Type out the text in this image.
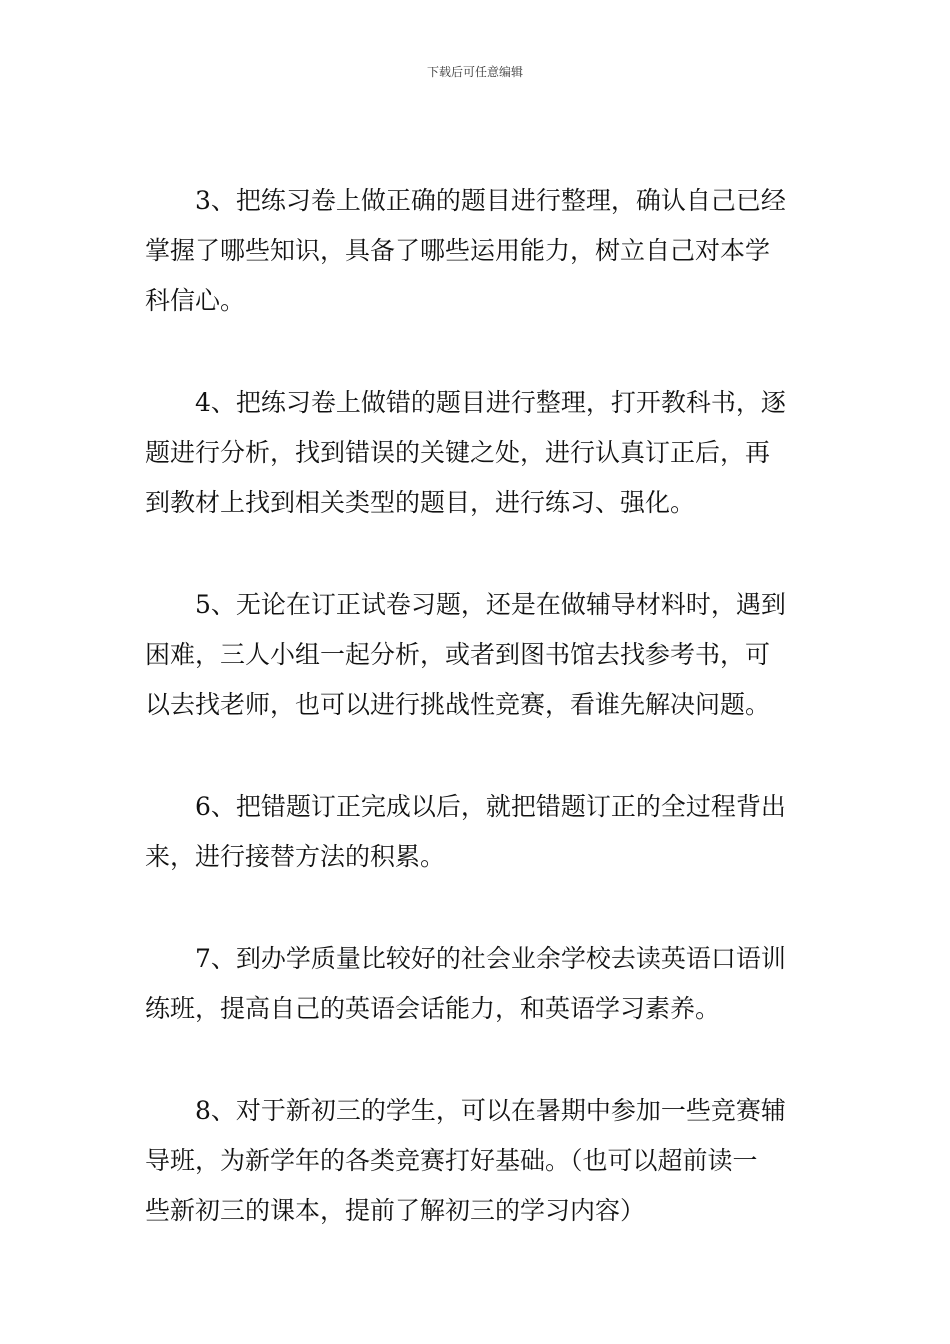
下载后可任意编辑

3、把练习卷上做正确的题目进行整理，确认自己已经
掌握了哪些知识，具备了哪些运用能力，树立自己对本学
科信心。

4、把练习卷上做错的题目进行整理，打开教科书，逐
题进行分析，找到错误的关键之处，进行认真订正后，再
到教材上找到相关类型的题目，进行练习、强化。

5、无论在订正试卷习题，还是在做辅导材料时，遇到
困难，三人小组一起分析，或者到图书馆去找参考书，可
以去找老师，也可以进行挑战性竞赛，看谁先解决问题。

6、把错题订正完成以后，就把错题订正的全过程背出
来，进行接替方法的积累。

7、到办学质量比较好的社会业余学校去读英语口语训
练班，提高自己的英语会话能力，和英语学习素养。

8、对于新初三的学生，可以在暑期中参加一些竞赛辅
导班，为新学年的各类竞赛打好基础。（也可以超前读一
些新初三的课本，提前了解初三的学习内容）
